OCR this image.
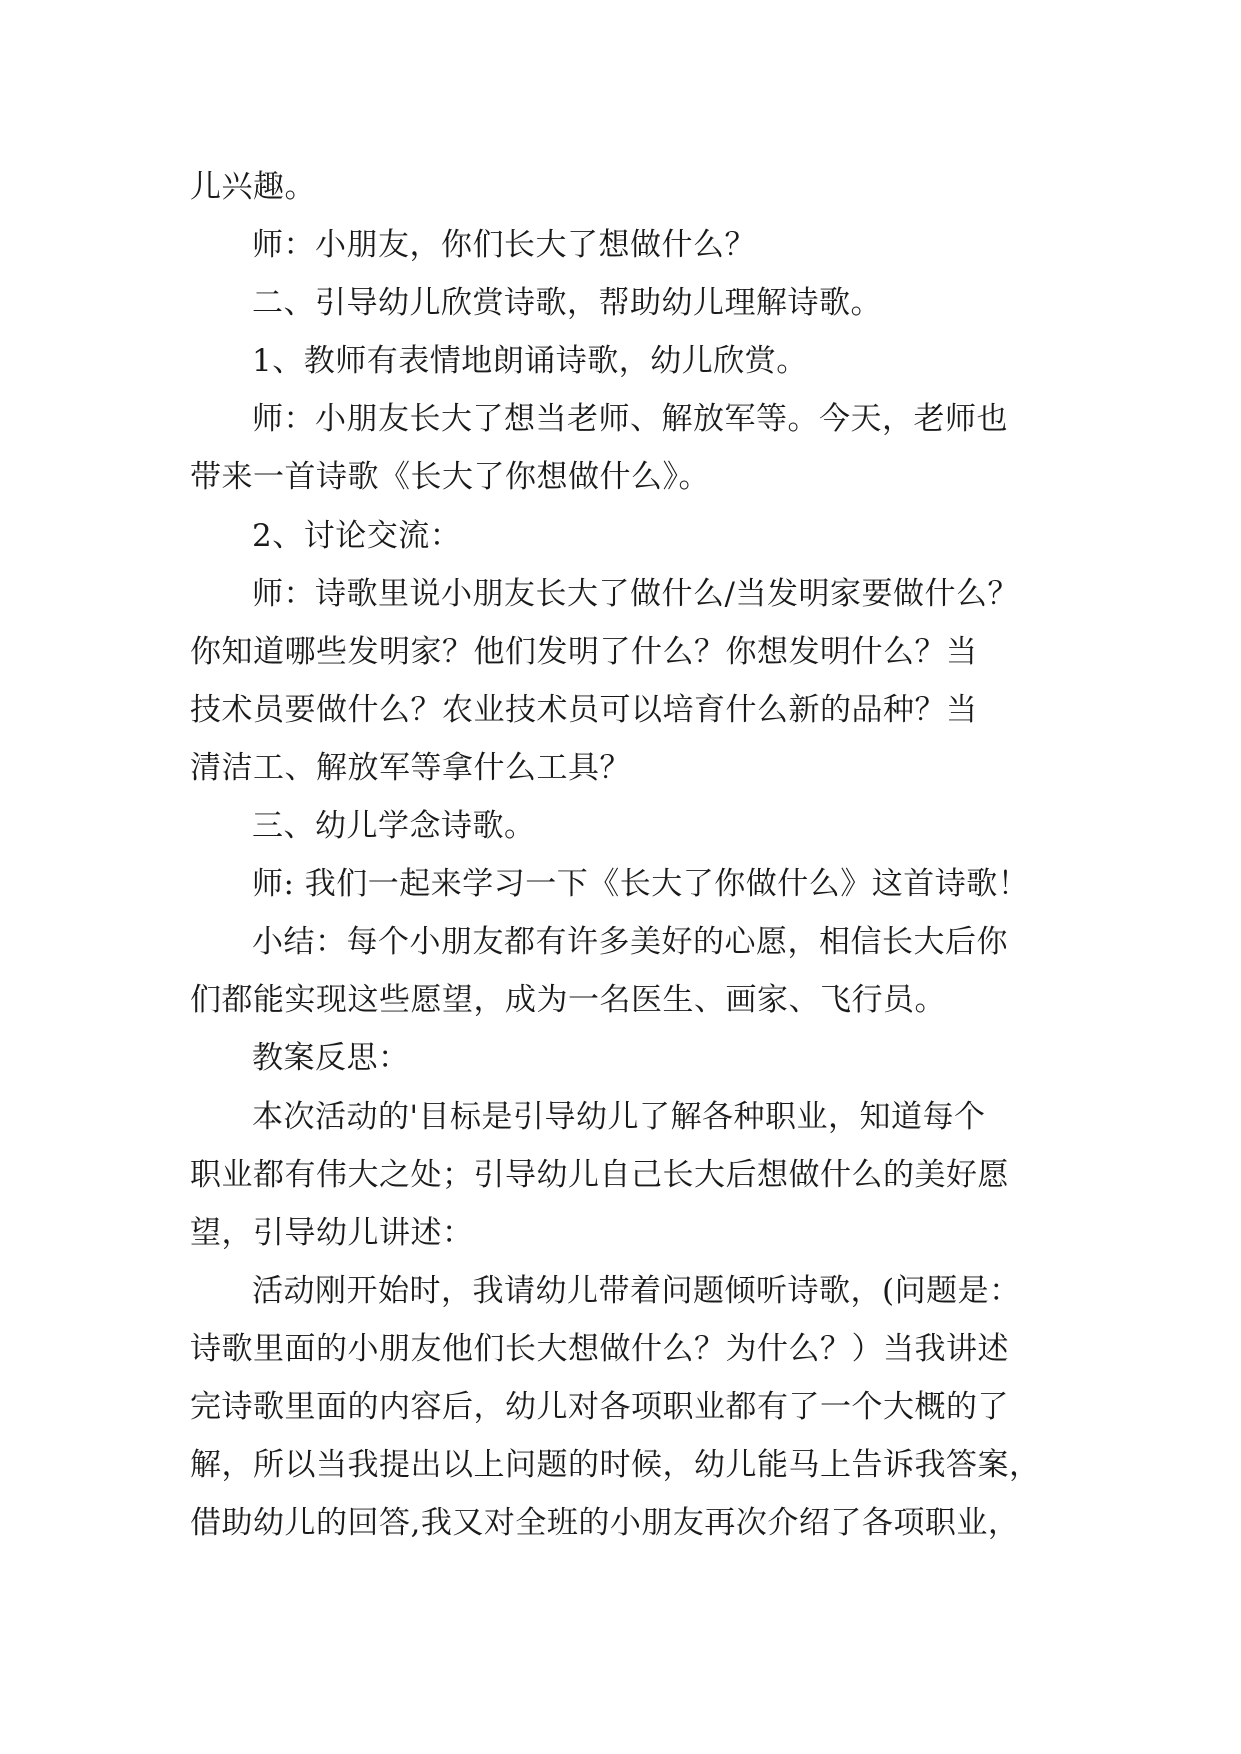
儿兴趣。
师：小朋友，你们长大了想做什么？
二、引导幼儿欣赏诗歌，帮助幼儿理解诗歌。
1、教师有表情地朗诵诗歌，幼儿欣赏。
师：小朋友长大了想当老师、解放军等。今天，老师也
带来一首诗歌《长大了你想做什么》。
2、讨论交流：
师：诗歌里说小朋友长大了做什么/当发明家要做什么？
你知道哪些发明家？他们发明了什么？你想发明什么？当
技术员要做什么？农业技术员可以培育什么新的品种？当
清洁工、解放军等拿什么工具？
三、幼儿学念诗歌。
师: 我们一起来学习一下《长大了你做什么》这首诗歌！
小结：每个小朋友都有许多美好的心愿，相信长大后你
们都能实现这些愿望，成为一名医生、画家、飞行员。
教案反思：
本次活动的'目标是引导幼儿了解各种职业，知道每个
职业都有伟大之处；引导幼儿自己长大后想做什么的美好愿
望，引导幼儿讲述：
活动刚开始时，我请幼儿带着问题倾听诗歌，(问题是：
诗歌里面的小朋友他们长大想做什么？为什么？）当我讲述
完诗歌里面的内容后，幼儿对各项职业都有了一个大概的了
解，所以当我提出以上问题的时候，幼儿能马上告诉我答案，
借助幼儿的回答,我又对全班的小朋友再次介绍了各项职业，
